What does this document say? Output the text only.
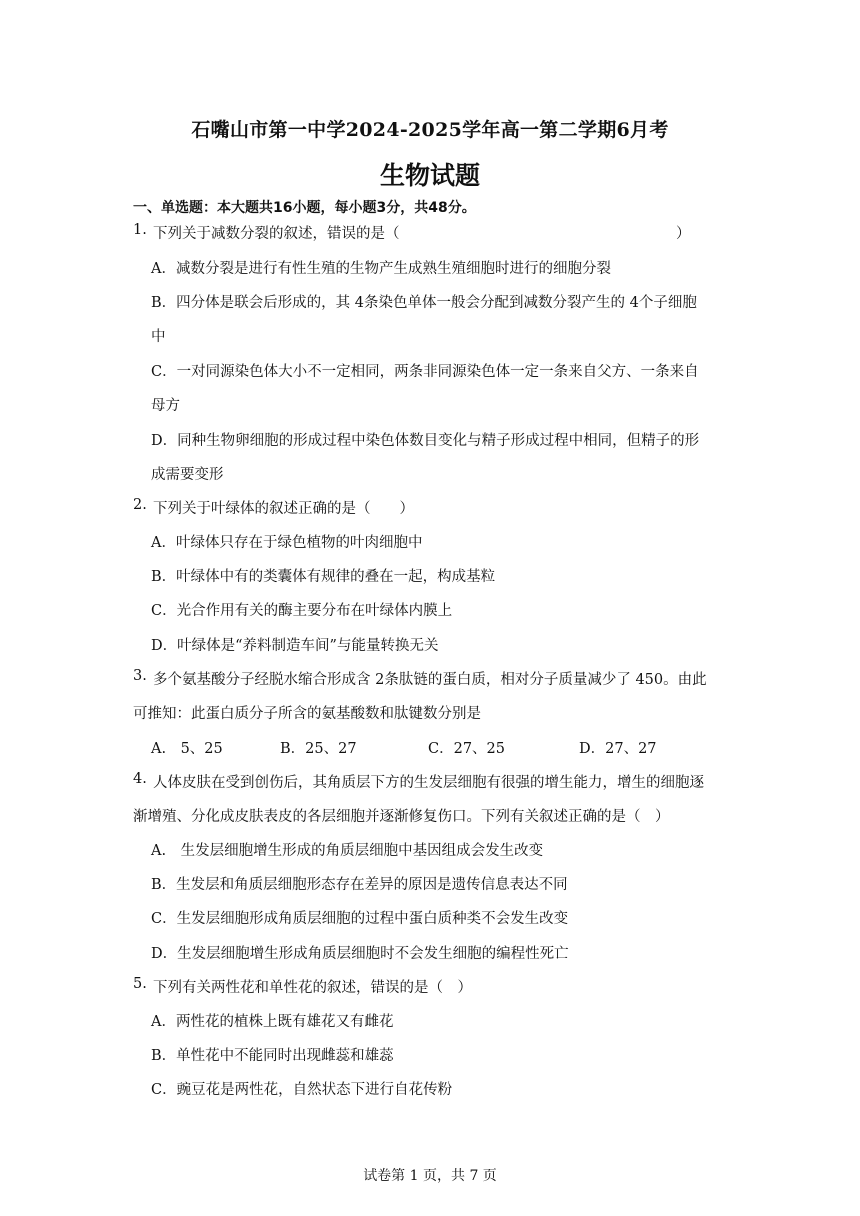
石嘴山市第一中学2024-2025学年高一第二学期6月考
生物试题
一、单选题：本大题共16小题，每小题3分，共48分。
1. 下列关于减数分裂的叙述，错误的是（	）
A．减数分裂是进行有性生殖的生物产生成熟生殖细胞时进行的细胞分裂
B．四分体是联会后形成的，其 4条染色单体一般会分配到减数分裂产生的 4个子细胞
中
C．一对同源染色体大小不一定相同，两条非同源染色体一定一条来自父方、一条来自
母方
D．同种生物卵细胞的形成过程中染色体数目变化与精子形成过程中相同，但精子的形
成需要变形
2. 下列关于叶绿体的叙述正确的是（　　）
A．叶绿体只存在于绿色植物的叶肉细胞中
B．叶绿体中有的类囊体有规律的叠在一起，构成基粒
C．光合作用有关的酶主要分布在叶绿体内膜上
D．叶绿体是“养料制造车间”与能量转换无关
3. 多个氨基酸分子经脱水缩合形成含 2条肽链的蛋白质，相对分子质量减少了 450。由此
可推知：此蛋白质分子所含的氨基酸数和肽键数分别是
A.　5、25	B．25、27	C．27、25	D．27、27
4. 人体皮肤在受到创伤后，其角质层下方的生发层细胞有很强的增生能力，增生的细胞逐
渐增殖、分化成皮肤表皮的各层细胞并逐渐修复伤口。下列有关叙述正确的是（　）
A.　生发层细胞增生形成的角质层细胞中基因组成会发生改变
B．生发层和角质层细胞形态存在差异的原因是遗传信息表达不同
C．生发层细胞形成角质层细胞的过程中蛋白质种类不会发生改变
D．生发层细胞增生形成角质层细胞时不会发生细胞的编程性死亡
5. 下列有关两性花和单性花的叙述，错误的是（　）
A．两性花的植株上既有雄花又有雌花
B．单性花中不能同时出现雌蕊和雄蕊
C．豌豆花是两性花，自然状态下进行自花传粉
试卷第 1 页，共 7 页
